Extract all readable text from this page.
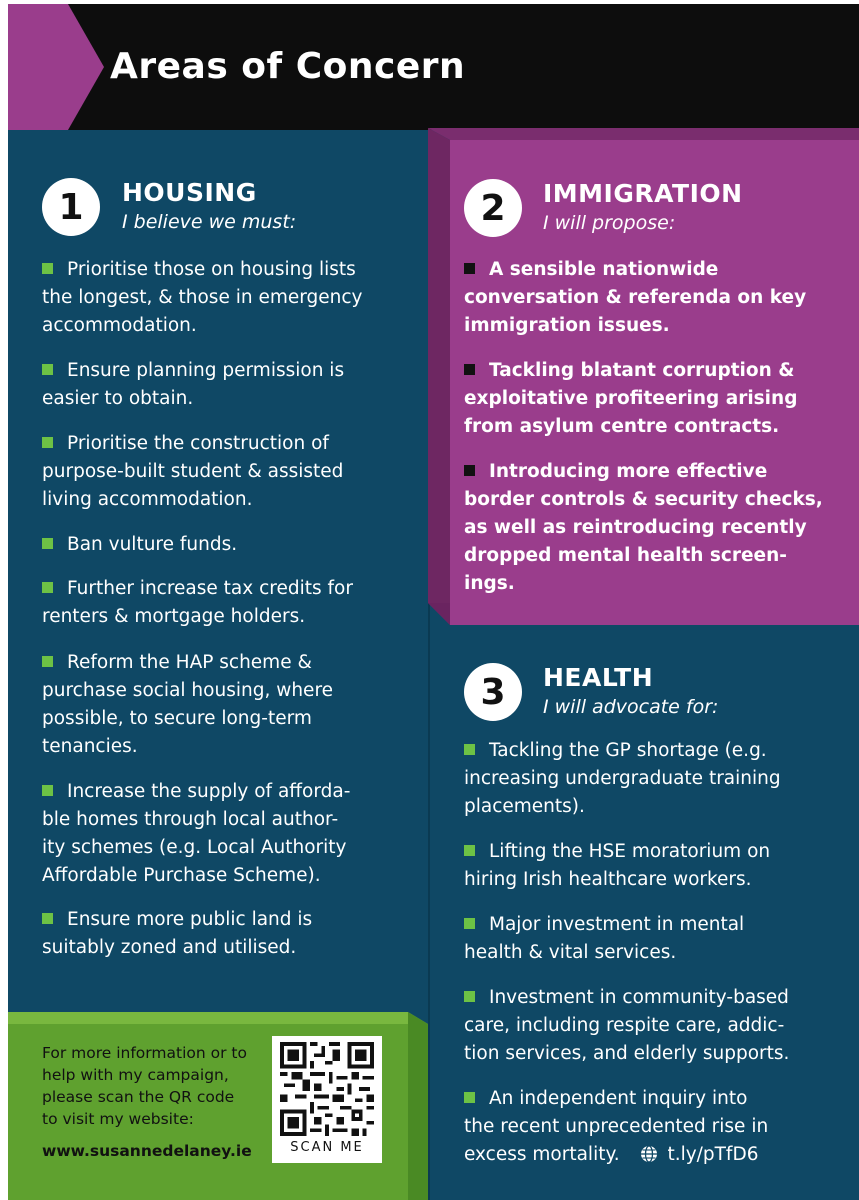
Areas of Concern
1	HOUSING
I believe we must:

Prioritise those on housing lists

the longest, & those in emergency

accommodation.

Ensure planning permission is

easier to obtain.

Prioritise the construction of

purpose-built student & assisted

living accommodation.

Ban vulture funds.

Further increase tax credits for

renters & mortgage holders.

Reform the HAP scheme &

purchase social housing, where

possible, to secure long-term

tenancies.

Increase the supply of afforda-

ble homes through local author-

ity schemes (e.g. Local Authority

Affordable Purchase Scheme).

Ensure more public land is

suitably zoned and utilised.

2	IMMIGRATION
I will propose:

A sensible nationwide

conversation & referenda on key

immigration issues.

Tackling blatant corruption &

exploitative profiteering arising

from asylum centre contracts.

Introducing more effective

border controls & security checks,

as well as reintroducing recently

dropped mental health screen-

ings.

3	HEALTH
I will advocate for:

Tackling the GP shortage (e.g.

increasing undergraduate training

placements).

Lifting the HSE moratorium on

hiring Irish healthcare workers.

Major investment in mental

health & vital services.

Investment in community-based

care, including respite care, addic-

tion services, and elderly supports.

An independent inquiry into

the recent unprecedented rise in

excess mortality.	t.ly/pTfD6

For more information or to
help with my campaign,
please scan the QR code
to visit my website:
www.susannedelaney.ie	SCAN ME
